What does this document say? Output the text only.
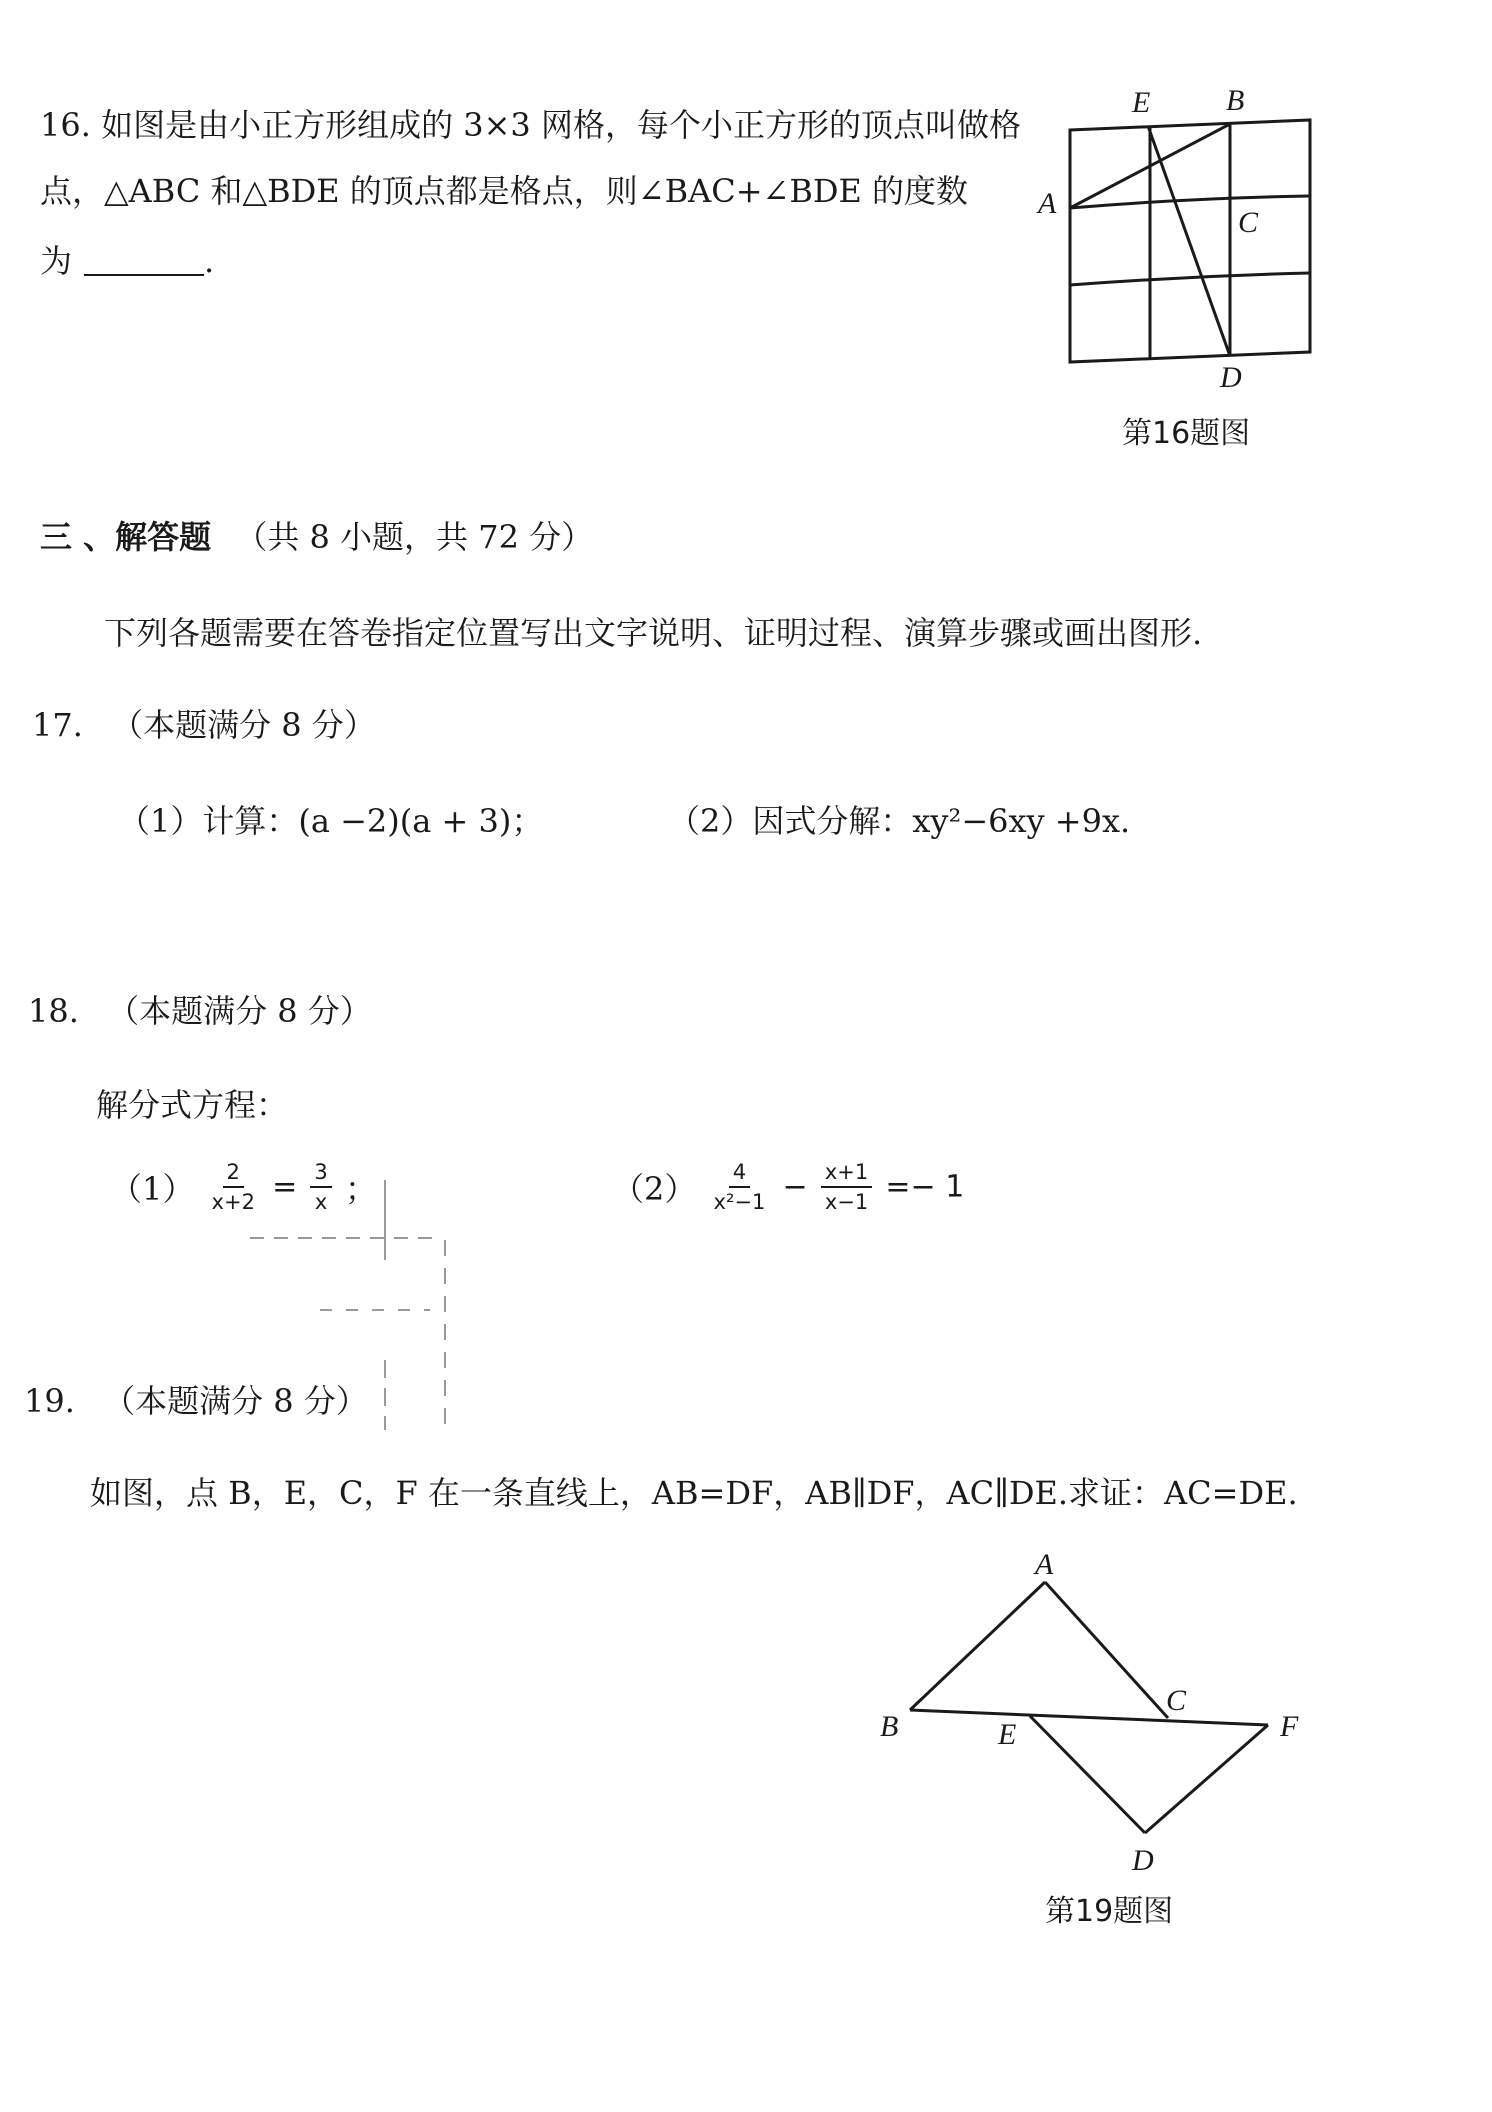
16. 如图是由小正方形组成的 3×3 网格，每个小正方形的顶点叫做格
点，△ABC 和△BDE 的顶点都是格点，则∠BAC+∠BDE 的度数
为	.
E	B
A
C
D
第16题图
三 、解答题 （共 8 小题，共 72 分）
下列各题需要在答卷指定位置写出文字说明、证明过程、演算步骤或画出图形.
17. （本题满分 8 分）
（1）计算：(a −2)(a + 3)；	（2）因式分解：xy²−6xy +9x.
18. （本题满分 8 分）
解分式方程：
$(1) \frac{2}{x+2} = \frac{3}{x}$ ；	$(2) \frac{4}{\text{x²−1}} - \frac{x+1}{x-1} =- 1$
19. （本题满分 8 分）
如图，点 B，E，C，F 在一条直线上，AB=DF，AB∥DF，AC∥DE.求证：AC=DE.
A
B	E
C
F
D
第19题图
